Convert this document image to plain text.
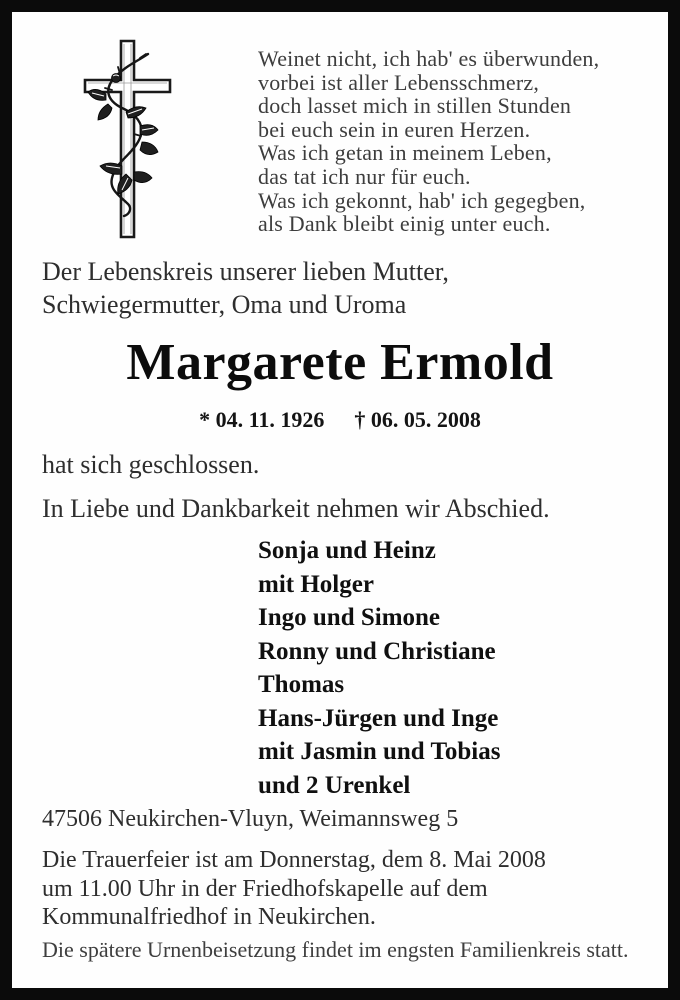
Weinet nicht, ich hab' es überwunden,
vorbei ist aller Lebensschmerz,
doch lasset mich in stillen Stunden
bei euch sein in euren Herzen.
Was ich getan in meinem Leben,
das tat ich nur für euch.
Was ich gekonnt, hab' ich gegegben,
als Dank bleibt einig unter euch.
Der Lebenskreis unserer lieben Mutter,
Schwiegermutter, Oma und Uroma
Margarete Ermold
* 04. 11. 1926 † 06. 05. 2008
hat sich geschlossen.
In Liebe und Dankbarkeit nehmen wir Abschied.
Sonja und Heinz
mit Holger
Ingo und Simone
Ronny und Christiane
Thomas
Hans-Jürgen und Inge
mit Jasmin und Tobias
und 2 Urenkel
47506 Neukirchen-Vluyn, Weimannsweg 5
Die Trauerfeier ist am Donnerstag, dem 8. Mai 2008
um 11.00 Uhr in der Friedhofskapelle auf dem
Kommunalfriedhof in Neukirchen.
Die spätere Urnenbeisetzung findet im engsten Familienkreis statt.
